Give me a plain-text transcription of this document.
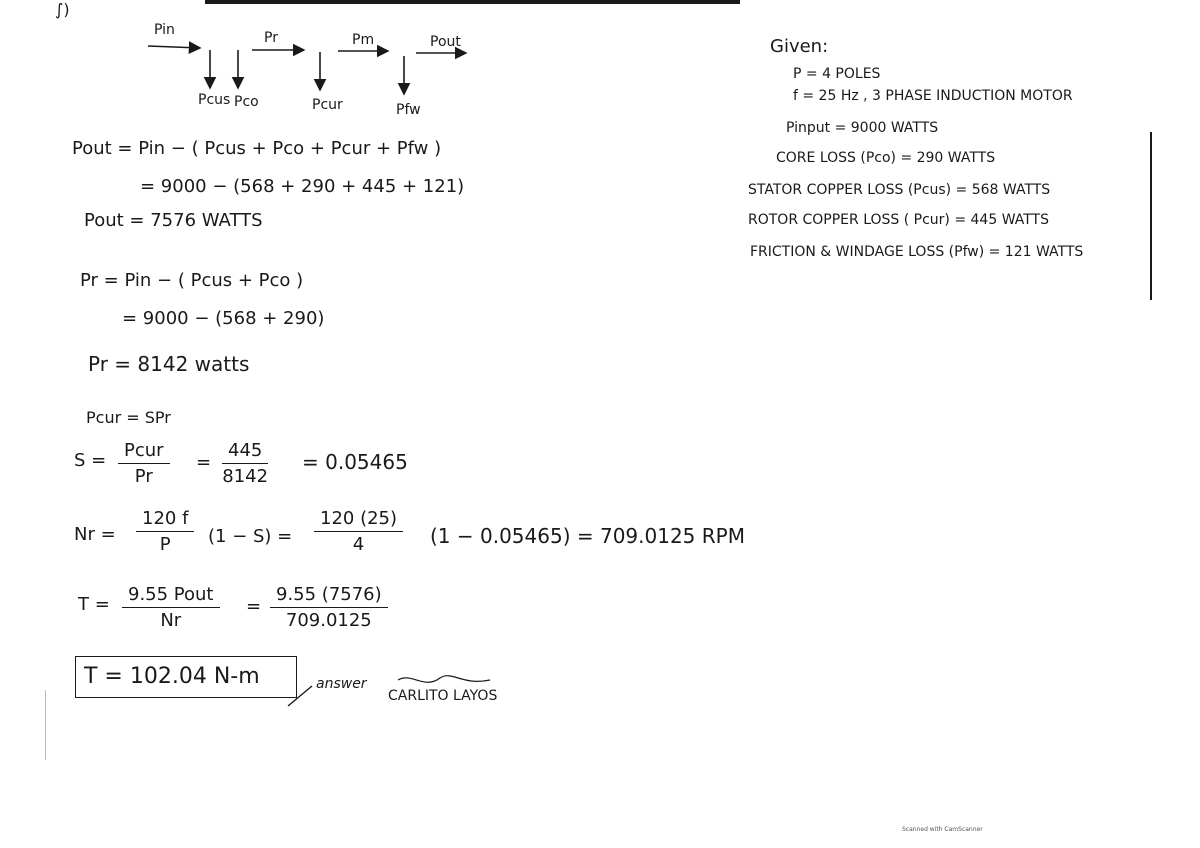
∫)
Pin	Pr	Pm	Pout
Pcus Pco	Pcur	Pfw
Given:
P = 4 POLES
f = 25 Hz , 3 PHASE INDUCTION MOTOR
Pinput = 9000 WATTS
CORE LOSS (Pco) = 290 WATTS
STATOR COPPER LOSS (Pcus) = 568 WATTS
ROTOR COPPER LOSS ( Pcur) = 445 WATTS
FRICTION & WINDAGE LOSS (Pfw) = 121 WATTS
Pout = Pin − ( Pcus + Pco + Pcur + Pfw )
= 9000 − (568 + 290 + 445 + 121)
Pout = 7576 WATTS
Pr = Pin − ( Pcus + Pco )
= 9000 − (568 + 290)
Pr = 8142 watts
Pcur = SPr
S = Pcur
Pr
= $\frac{445}{8142} = 0.05465$
$Nr = \frac{120 f}{P} (1 - S) = \frac{120 (25)}{4} (1 - 0.05465) = 709.0125$ RPM
T =	9.55 Pout
Nr
= $\frac{9.55 (7576)}{709.0125}$
T = 102.04 N-m	answer
CARLITO LAYOS
Scanned with CamScanner
